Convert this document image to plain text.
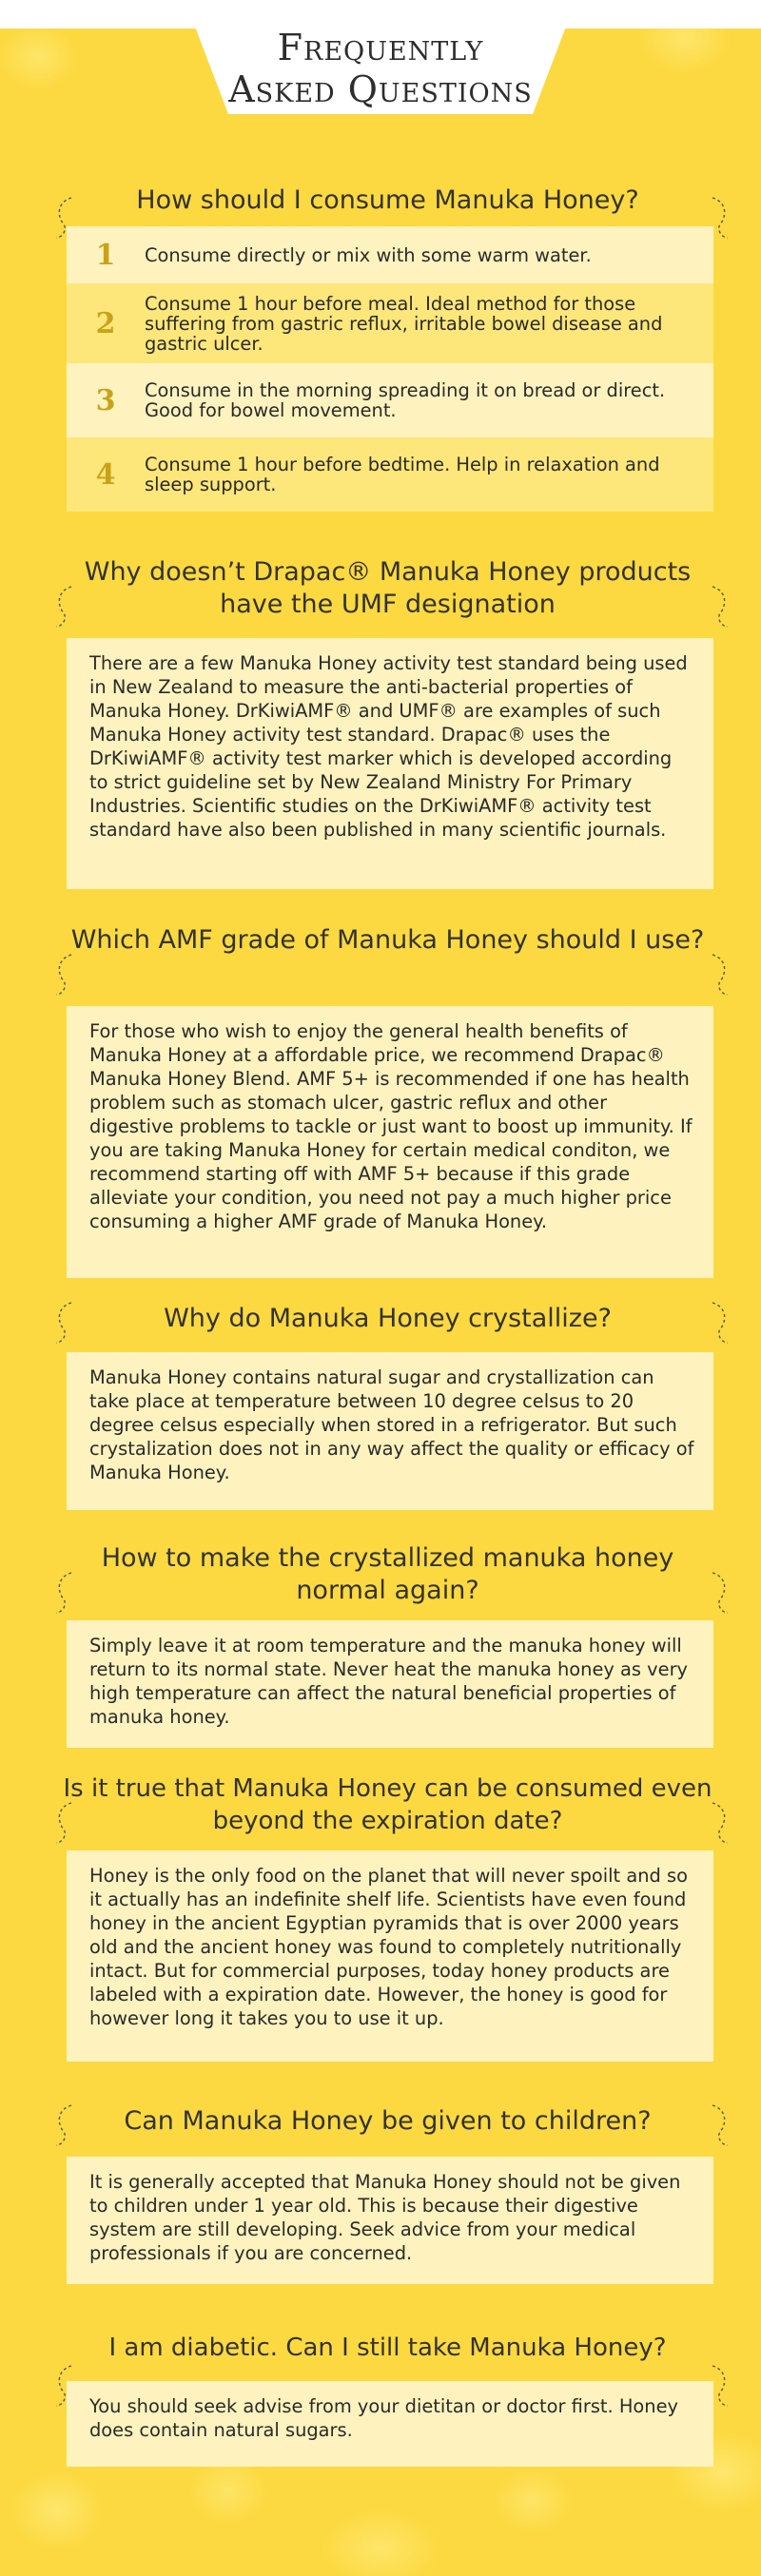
Frequently
Asked Questions
How should I consume Manuka Honey?
1	Consume directly or mix with some warm water.
2
Consume 1 hour before meal. Ideal method for those suffering from gastric reflux, irritable bowel disease and gastric ulcer.
3	Consume in the morning spreading it on bread or direct. Good for bowel movement.
4	Consume 1 hour before bedtime. Help in relaxation and sleep support.
Why doesn’t Drapac® Manuka Honey products have the UMF designation
There are a few Manuka Honey activity test standard being used in New Zealand to measure the anti-bacterial properties of Manuka Honey. DrKiwiAMF® and UMF® are examples of such Manuka Honey activity test standard. Drapac® uses the DrKiwiAMF® activity test marker which is developed according to strict guideline set by New Zealand Ministry For Primary Industries. Scientific studies on the DrKiwiAMF® activity test standard have also been published in many scientific journals.
Which AMF grade of Manuka Honey should I use?
For those who wish to enjoy the general health benefits of Manuka Honey at a affordable price, we recommend Drapac® Manuka Honey Blend. AMF 5+ is recommended if one has health problem such as stomach ulcer, gastric reflux and other digestive problems to tackle or just want to boost up immunity. If you are taking Manuka Honey for certain medical conditon, we recommend starting off with AMF 5+ because if this grade alleviate your condition, you need not pay a much higher price consuming a higher AMF grade of Manuka Honey.
Why do Manuka Honey crystallize?
Manuka Honey contains natural sugar and crystallization can take place at temperature between 10 degree celsus to 20 degree celsus especially when stored in a refrigerator. But such crystalization does not in any way affect the quality or efficacy of Manuka Honey.
How to make the crystallized manuka honey normal again?
Simply leave it at room temperature and the manuka honey will return to its normal state. Never heat the manuka honey as very high temperature can affect the natural beneficial properties of manuka honey.
Is it true that Manuka Honey can be consumed even beyond the expiration date?
Honey is the only food on the planet that will never spoilt and so it actually has an indefinite shelf life. Scientists have even found honey in the ancient Egyptian pyramids that is over 2000 years old and the ancient honey was found to completely nutritionally intact. But for commercial purposes, today honey products are labeled with a expiration date. However, the honey is good for however long it takes you to use it up.
Can Manuka Honey be given to children?
It is generally accepted that Manuka Honey should not be given to children under 1 year old. This is because their digestive system are still developing. Seek advice from your medical professionals if you are concerned.
I am diabetic. Can I still take Manuka Honey?
You should seek advise from your dietitan or doctor first. Honey does contain natural sugars.
